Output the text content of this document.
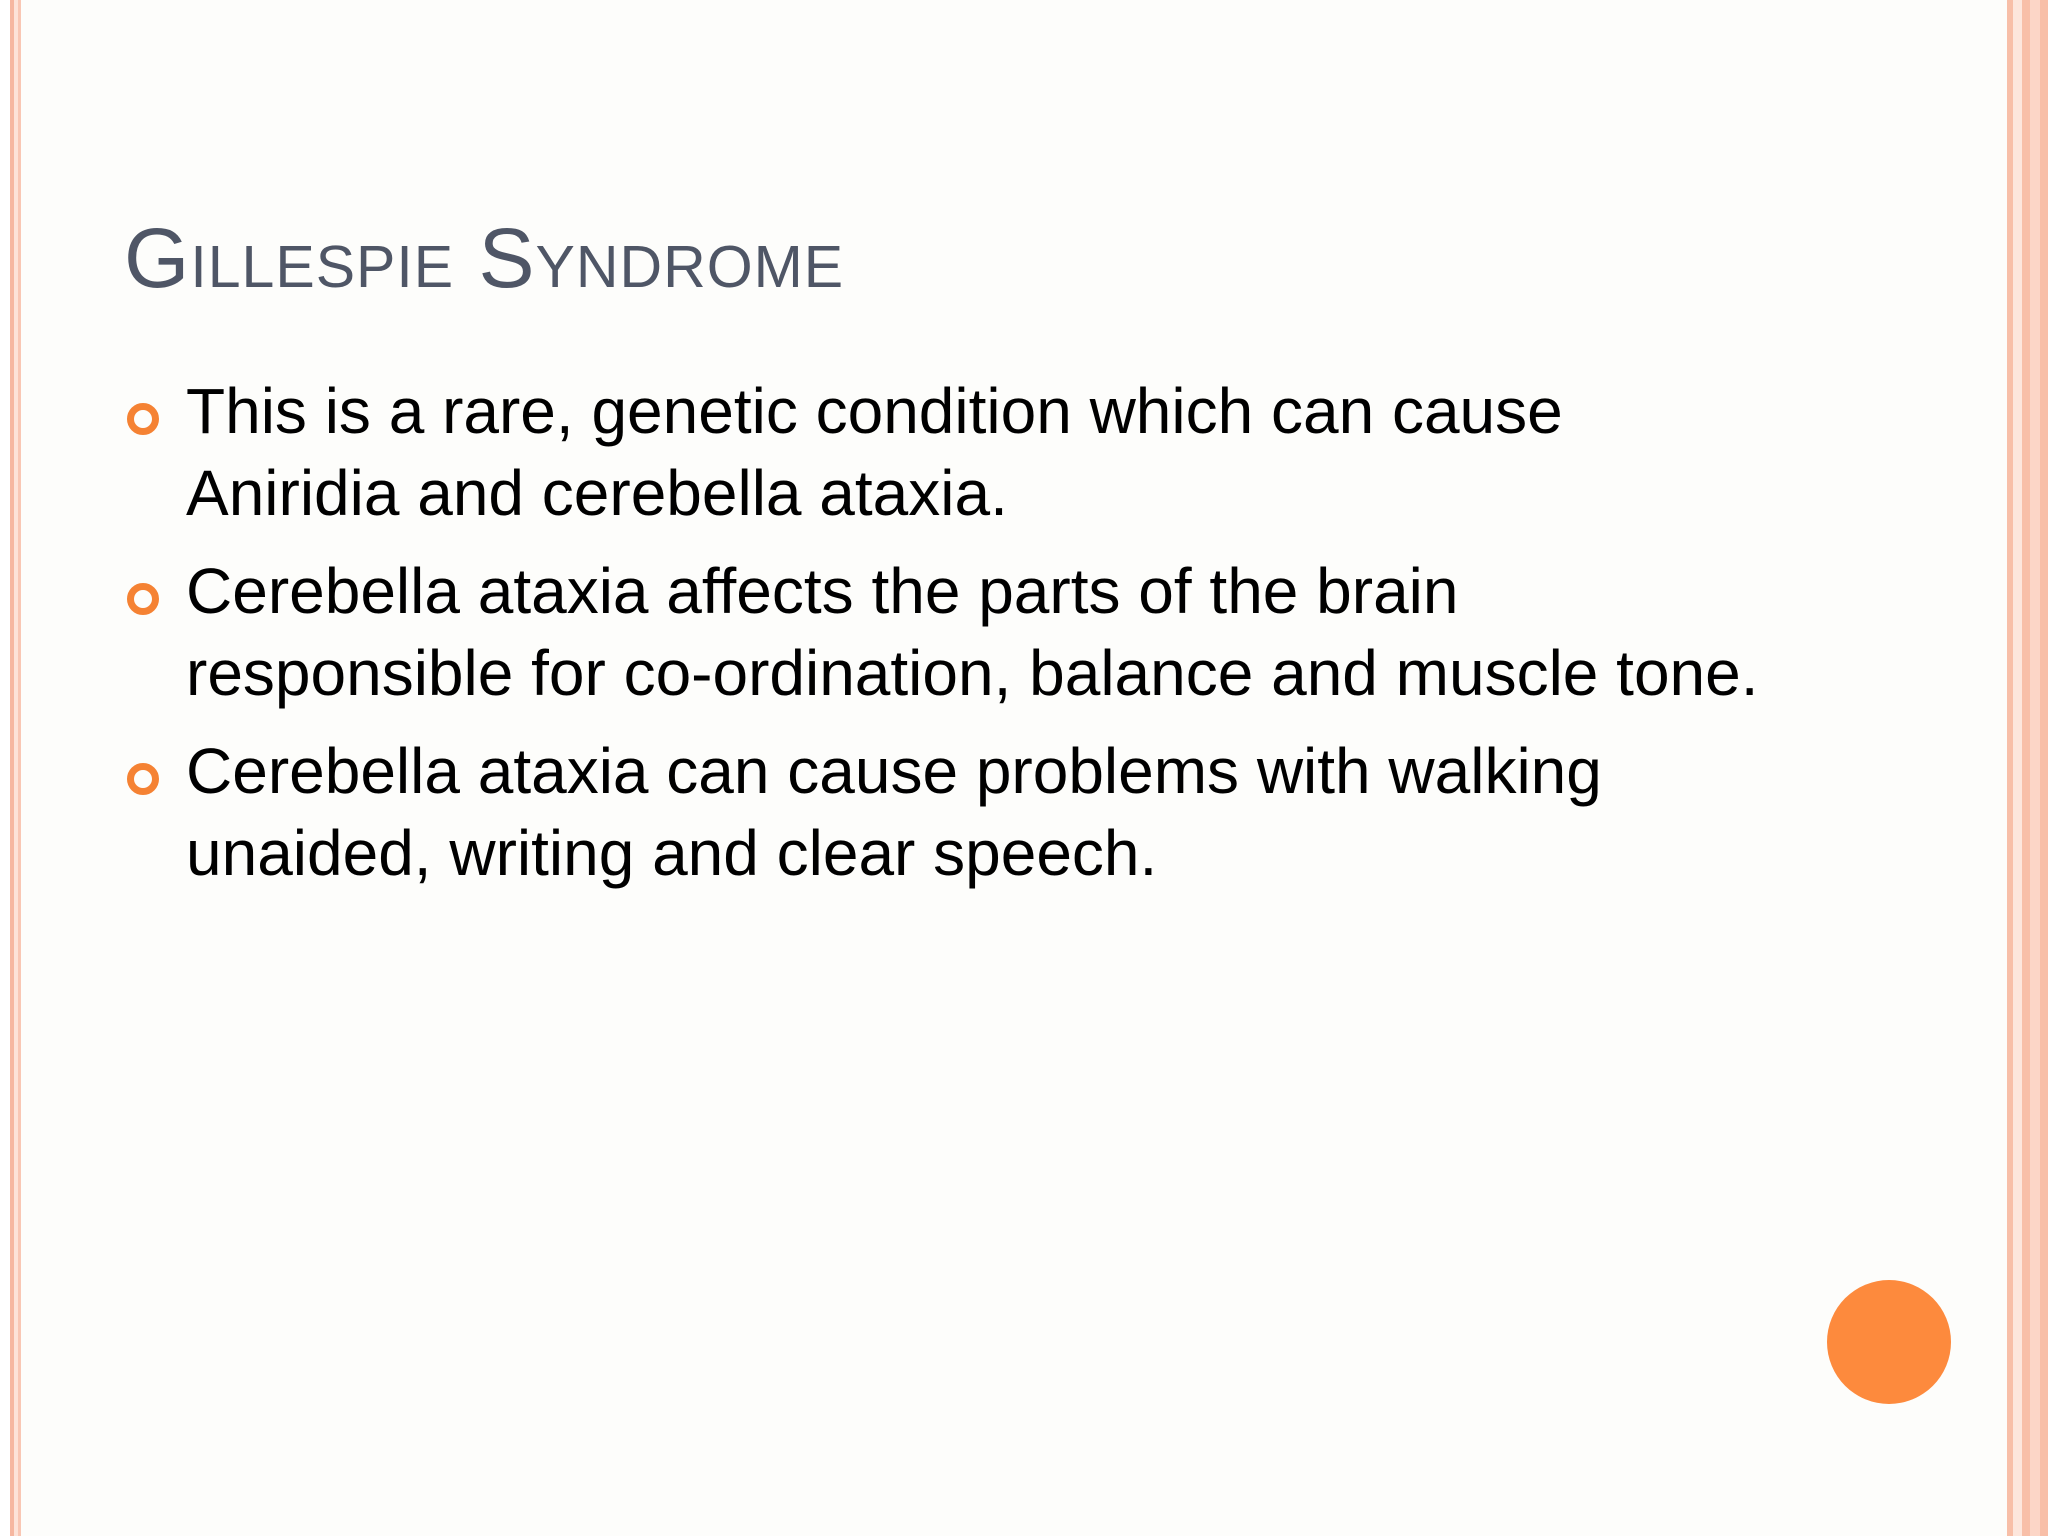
Gillespie Syndrome
This is a rare, genetic condition which can cause Aniridia and cerebella ataxia.
Cerebella ataxia affects the parts of the brain responsible for co-ordination, balance and muscle tone.
Cerebella ataxia can cause problems with walking unaided, writing and clear speech.
